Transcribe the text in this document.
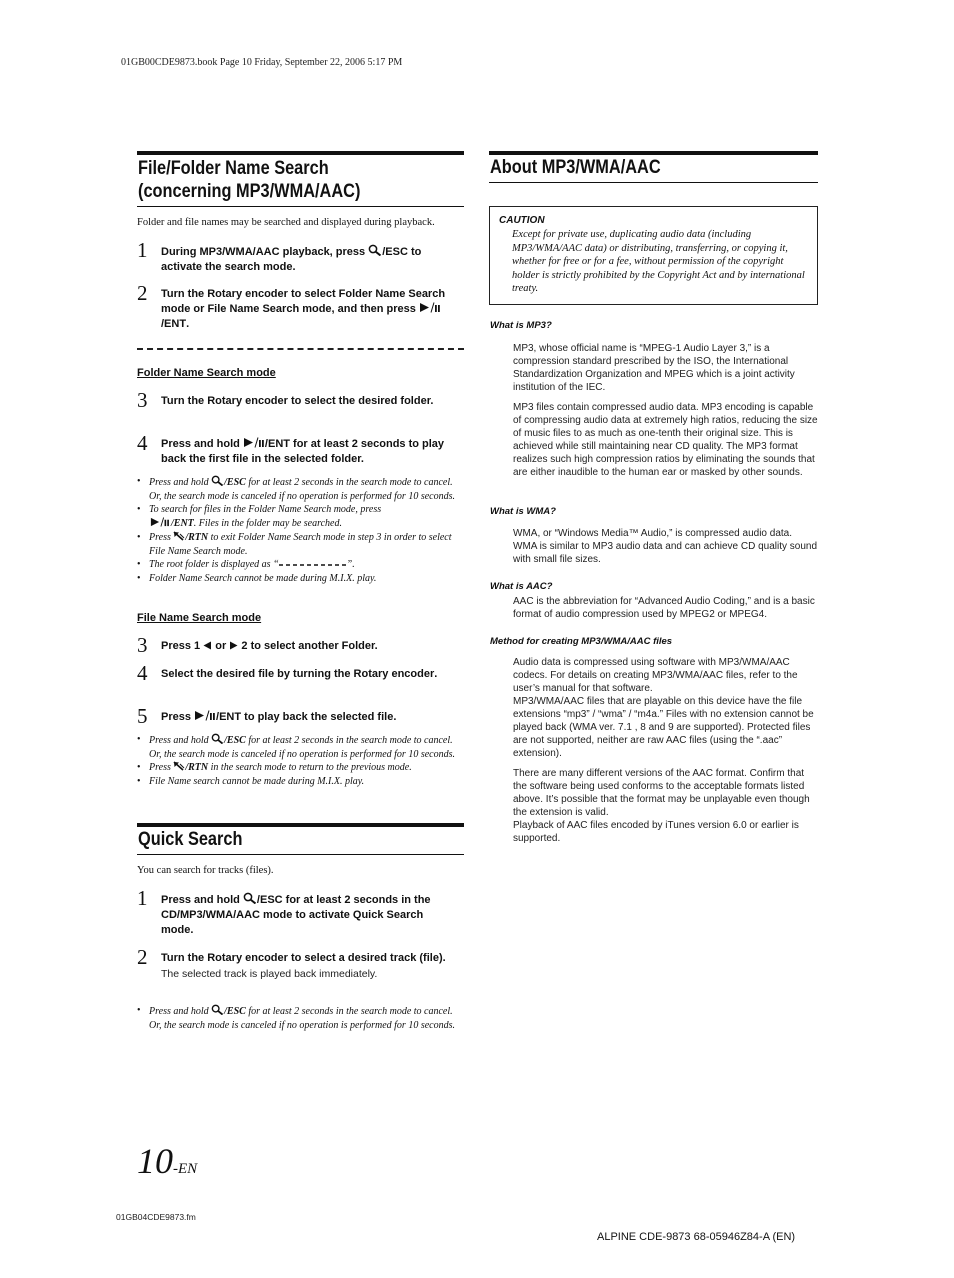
01GB00CDE9873.book Page 10 Friday, September 22, 2006 5:17 PM
File/Folder Name Search
(concerning MP3/WMA/AAC)
Folder and file names may be searched and displayed during playback.
1 During MP3/WMA/AAC playback, press /ESC to activate the search mode.
2 Turn the Rotary encoder to select Folder Name Search mode or File Name Search mode, and then press /ENT.
Folder Name Search mode
3 Turn the Rotary encoder to select the desired folder.
4 Press and hold /ENT for at least 2 seconds to play back the first file in the selected folder.
• Press and hold /ESC for at least 2 seconds in the search mode to cancel. Or, the search mode is canceled if no operation is performed for 10 seconds.
• To search for files in the Folder Name Search mode, press
/ENT. Files in the folder may be searched.
• Press /RTN to exit Folder Name Search mode in step 3 in order to select File Name Search mode.
• The root folder is displayed as “	”.
• Folder Name Search cannot be made during M.I.X. play.
File Name Search mode
3 Press 1  or  2 to select another Folder.
4 Select the desired file by turning the Rotary encoder.
5 Press /ENT to play back the selected file.
• Press and hold /ESC for at least 2 seconds in the search mode to cancel. Or, the search mode is canceled if no operation is performed for 10 seconds.
• Press /RTN in the search mode to return to the previous mode.
• File Name search cannot be made during M.I.X. play.
Quick Search
You can search for tracks (files).
1 Press and hold /ESC for at least 2 seconds in the CD/MP3/WMA/AAC mode to activate Quick Search mode.
2 Turn the Rotary encoder to select a desired track (file).
The selected track is played back immediately.
• Press and hold /ESC for at least 2 seconds in the search mode to cancel. Or, the search mode is canceled if no operation is performed for 10 seconds.
About MP3/WMA/AAC
CAUTION
Except for private use, duplicating audio data (including MP3/WMA/AAC data) or distributing, transferring, or copying it, whether for free or for a fee, without permission of the copyright holder is strictly prohibited by the Copyright Act and by international treaty.
What is MP3?
MP3, whose official name is “MPEG-1 Audio Layer 3,” is a compression standard prescribed by the ISO, the International Standardization Organization and MPEG which is a joint activity institution of the IEC.
MP3 files contain compressed audio data. MP3 encoding is capable of compressing audio data at extremely high ratios, reducing the size of music files to as much as one-tenth their original size. This is achieved while still maintaining near CD quality. The MP3 format realizes such high compression ratios by eliminating the sounds that are either inaudible to the human ear or masked by other sounds.
What is WMA?
WMA, or “Windows Media™ Audio,” is compressed audio data. WMA is similar to MP3 audio data and can achieve CD quality sound with small file sizes.
What is AAC?
AAC is the abbreviation for “Advanced Audio Coding,” and is a basic format of audio compression used by MPEG2 or MPEG4.
Method for creating MP3/WMA/AAC files
Audio data is compressed using software with MP3/WMA/AAC codecs. For details on creating MP3/WMA/AAC files, refer to the user’s manual for that software.
MP3/WMA/AAC files that are playable on this device have the file extensions “mp3” / “wma” / “m4a.” Files with no extension cannot be played back (WMA ver. 7.1 , 8 and 9 are supported). Protected files are not supported, neither are raw AAC files (using the “.aac” extension).
There are many different versions of the AAC format. Confirm that the software being used conforms to the acceptable formats listed above. It’s possible that the format may be unplayable even though the extension is valid.
Playback of AAC files encoded by iTunes version 6.0 or earlier is supported.
10-EN
01GB04CDE9873.fm
ALPINE CDE-9873 68-05946Z84-A (EN)
